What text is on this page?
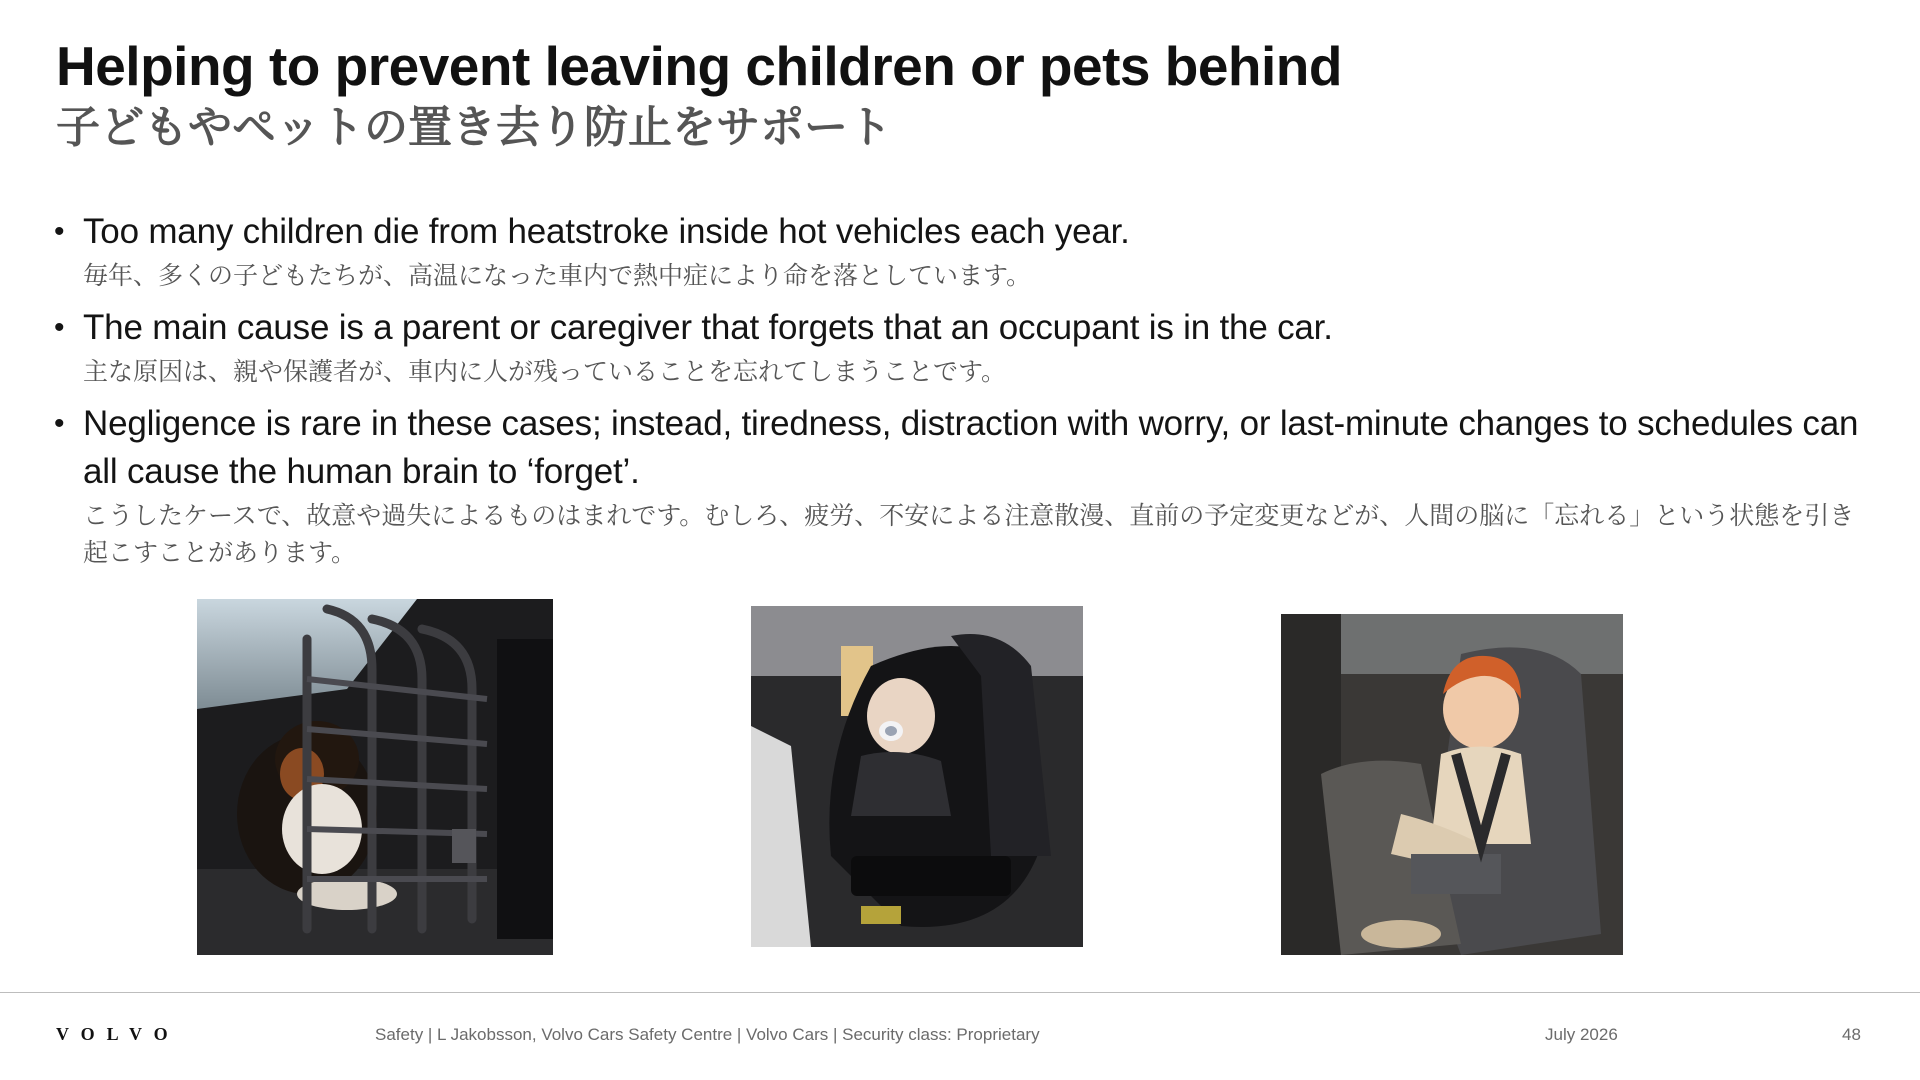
Helping to prevent leaving children or pets behind
子どもやペットの置き去り防止をサポート
• Too many children die from heatstroke inside hot vehicles each year.
毎年、多くの子どもたちが、高温になった車内で熱中症により命を落としています。
• The main cause is a parent or caregiver that forgets that an occupant is in the car.
主な原因は、親や保護者が、車内に人が残っていることを忘れてしまうことです。
• Negligence is rare in these cases; instead, tiredness, distraction with worry, or last-minute changes to schedules can all cause the human brain to ‘forget’.
こうしたケースで、故意や過失によるものはまれです。むしろ、疲労、不安による注意散漫、直前の予定変更などが、人間の脳に「忘れる」という状態を引き起こすことがあります。
VOLVO	Safety | L Jakobsson, Volvo Cars Safety Centre | Volvo Cars | Security class: Proprietary	July 2026	48
